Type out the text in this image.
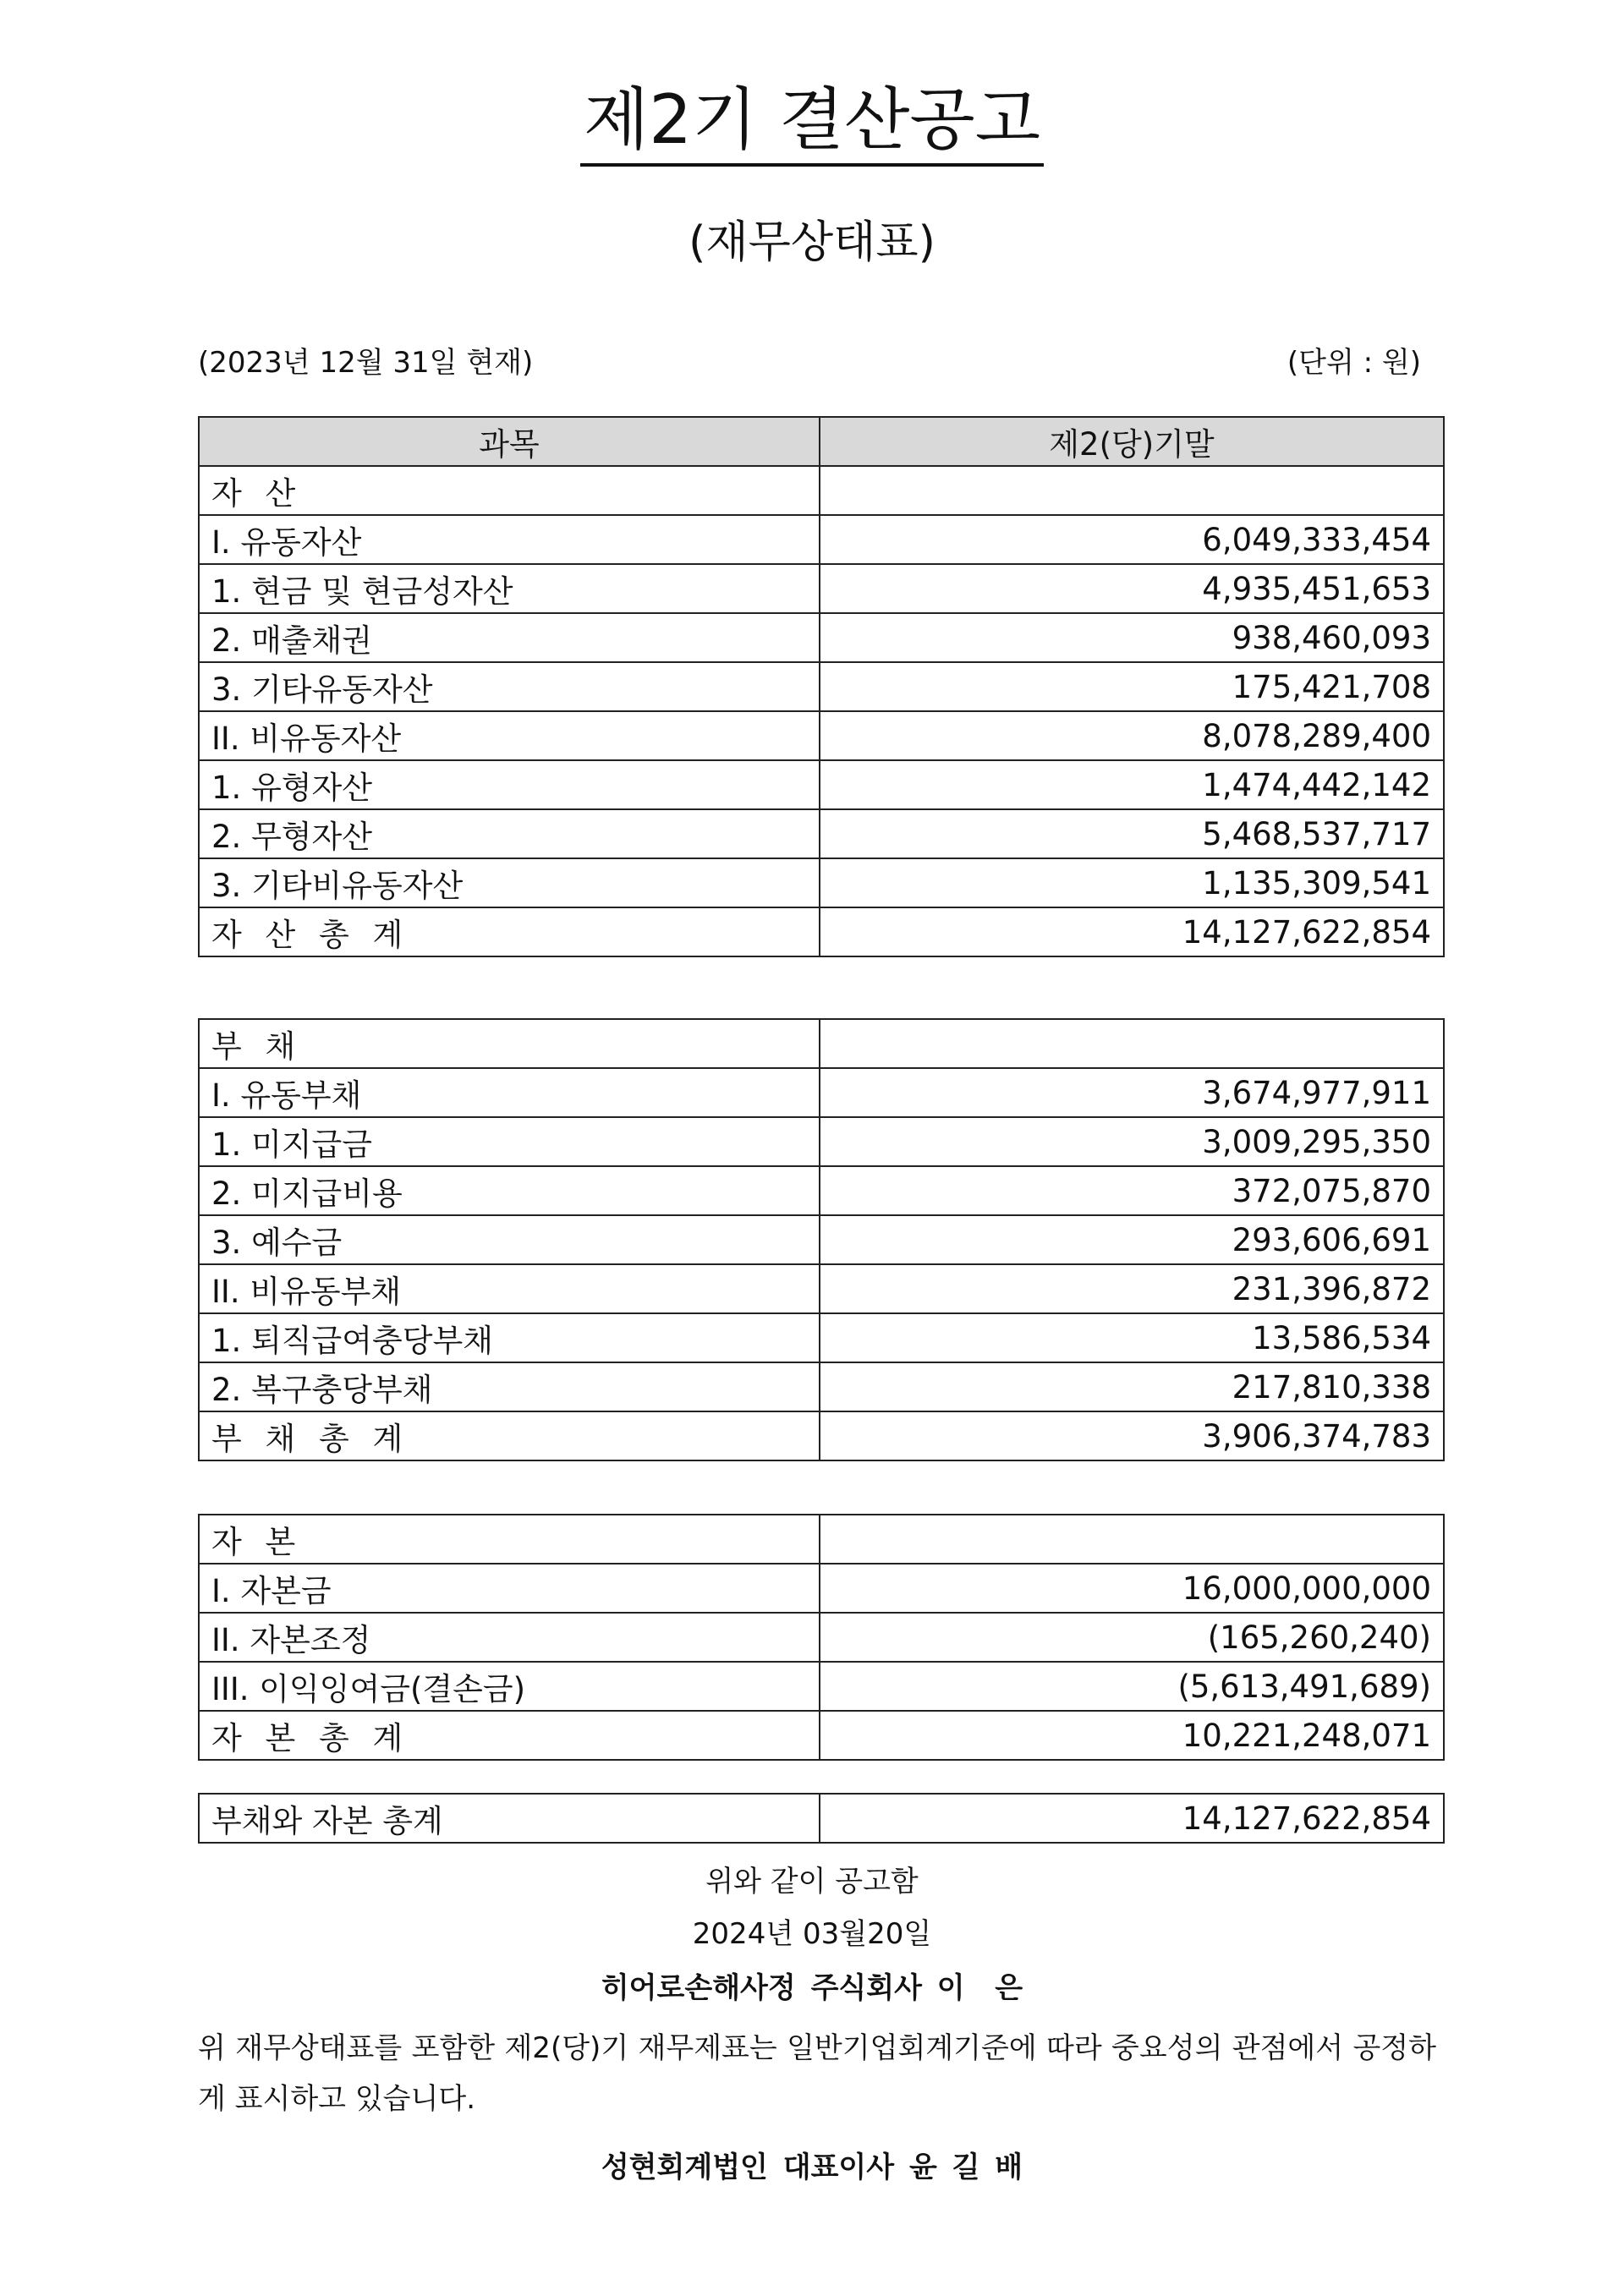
제2기 결산공고
(재무상태표)
(2023년 12월 31일 현재)	(단위 : 원)
과목	제2(당)기말
자 산	
I. 유동자산	6,049,333,454
1. 현금 및 현금성자산	4,935,451,653
2. 매출채권	938,460,093
3. 기타유동자산	175,421,708
II. 비유동자산	8,078,289,400
1. 유형자산	1,474,442,142
2. 무형자산	5,468,537,717
3. 기타비유동자산	1,135,309,541
자 산 총 계	14,127,622,854
부 채	
I. 유동부채	3,674,977,911
1. 미지급금	3,009,295,350
2. 미지급비용	372,075,870
3. 예수금	293,606,691
II. 비유동부채	231,396,872
1. 퇴직급여충당부채	13,586,534
2. 복구충당부채	217,810,338
부 채 총 계	3,906,374,783
자 본	
I. 자본금	16,000,000,000
II. 자본조정	(165,260,240)
III. 이익잉여금(결손금)	(5,613,491,689)
자 본 총 계	10,221,248,071
부채와 자본 총계	14,127,622,854
위와 같이 공고함
2024년 03월20일
히어로손해사정 주식회사 이  은
위 재무상태표를 포함한 제2(당)기 재무제표는 일반기업회계기준에 따라 중요성의 관점에서 공정하게 표시하고 있습니다.
성현회계법인 대표이사 윤 길 배
